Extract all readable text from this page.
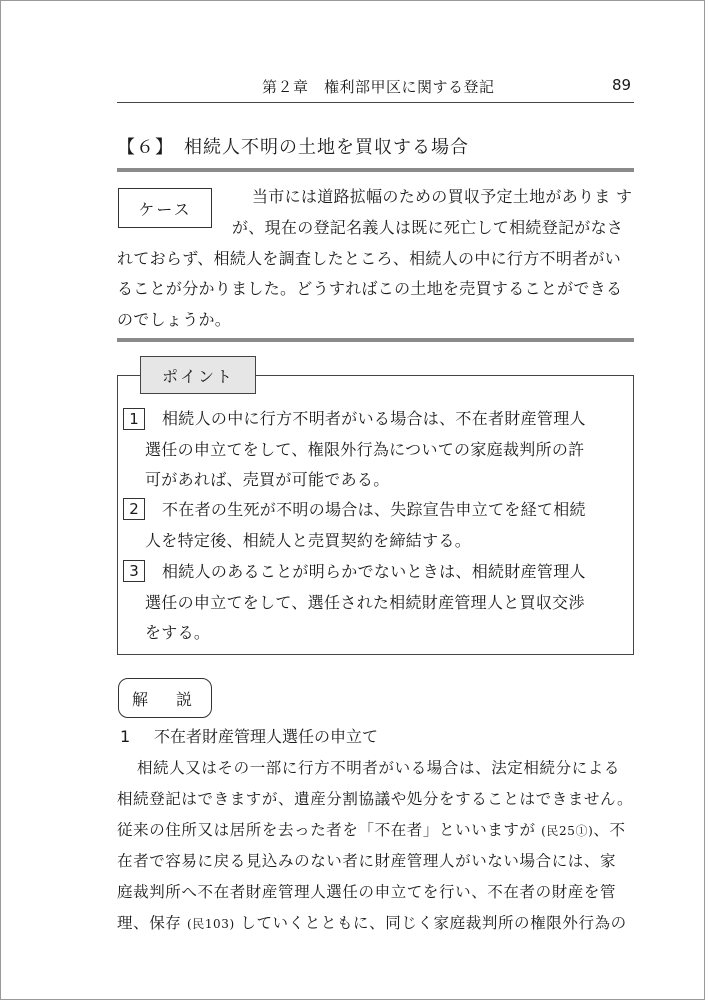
第２章　権利部甲区に関する登記	89
【６】　相続人不明の土地を買収する場合
ケース
当市には道路拡幅のための買収予定土地がありま す
が、現在の登記名義人は既に死亡して相続登記がなさ
れておらず、相続人を調査したところ、相続人の中に行方不明者がい
ることが分かりました。どうすればこの土地を売買することができる
のでしょうか。
ポイント
1	相続人の中に行方不明者がいる場合は、不在者財産管理人
選任の申立てをして、権限外行為についての家庭裁判所の許
可があれば、売買が可能である。
2	不在者の生死が不明の場合は、失踪宣告申立てを経て相続
人を特定後、相続人と売買契約を締結する。
3	相続人のあることが明らかでないときは、相続財産管理人
選任の申立てをして、選任された相続財産管理人と買収交渉
をする。
解　説
1 不在者財産管理人選任の申立て
相続人又はその一部に行方不明者がいる場合は、法定相続分による
相続登記はできますが、遺産分割協議や処分をすることはできません。
従来の住所又は居所を去った者を「不在者」といいますが (民25①)、不
在者で容易に戻る見込みのない者に財産管理人がいない場合には、家
庭裁判所へ不在者財産管理人選任の申立てを行い、不在者の財産を管
理、保存 (民103) していくとともに、同じく家庭裁判所の権限外行為の
